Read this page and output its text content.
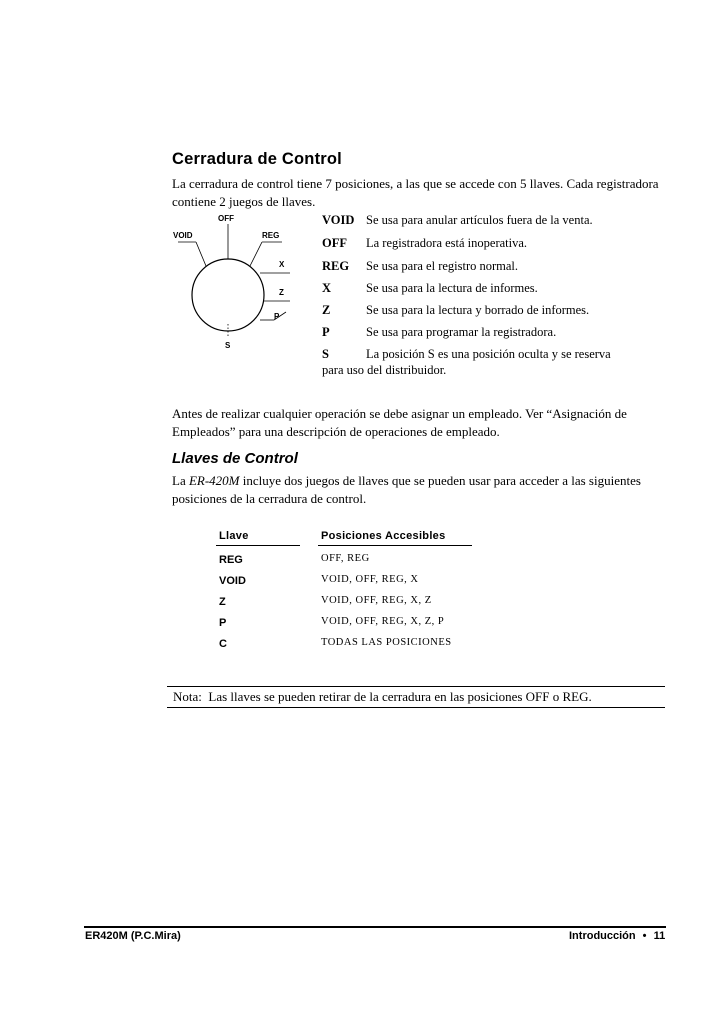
Cerradura de Control
La cerradura de control tiene 7 posiciones, a las que se accede con 5 llaves. Cada registradora
contiene 2 juegos de llaves.
OFF
VOID	REG
X
Z
P
S
VOID Se usa para anular artículos fuera de la venta.
OFF La registradora está inoperativa.
REG Se usa para el registro normal.
X	Se usa para la lectura de informes.
Z	Se usa para la lectura y borrado de informes.
P	Se usa para programar la registradora.
S	La posición S es una posición oculta y se reserva
para uso del distribuidor.
Antes de realizar cualquier operación se debe asignar un empleado. Ver “Asignación de
Empleados” para una descripción de operaciones de empleado.
Llaves de Control
La ER-420M incluye dos juegos de llaves que se pueden usar para acceder a las siguientes
posiciones de la cerradura de control.
Llave	Posiciones Accesibles
REG	OFF, REG
VOID	VOID, OFF, REG, X
Z	VOID, OFF, REG, X, Z
P	VOID, OFF, REG, X, Z, P
C	TODAS LAS POSICIONES
Nota:  Las llaves se pueden retirar de la cerradura en las posiciones OFF o REG.
ER420M (P.C.Mira)	Introducción • 11
